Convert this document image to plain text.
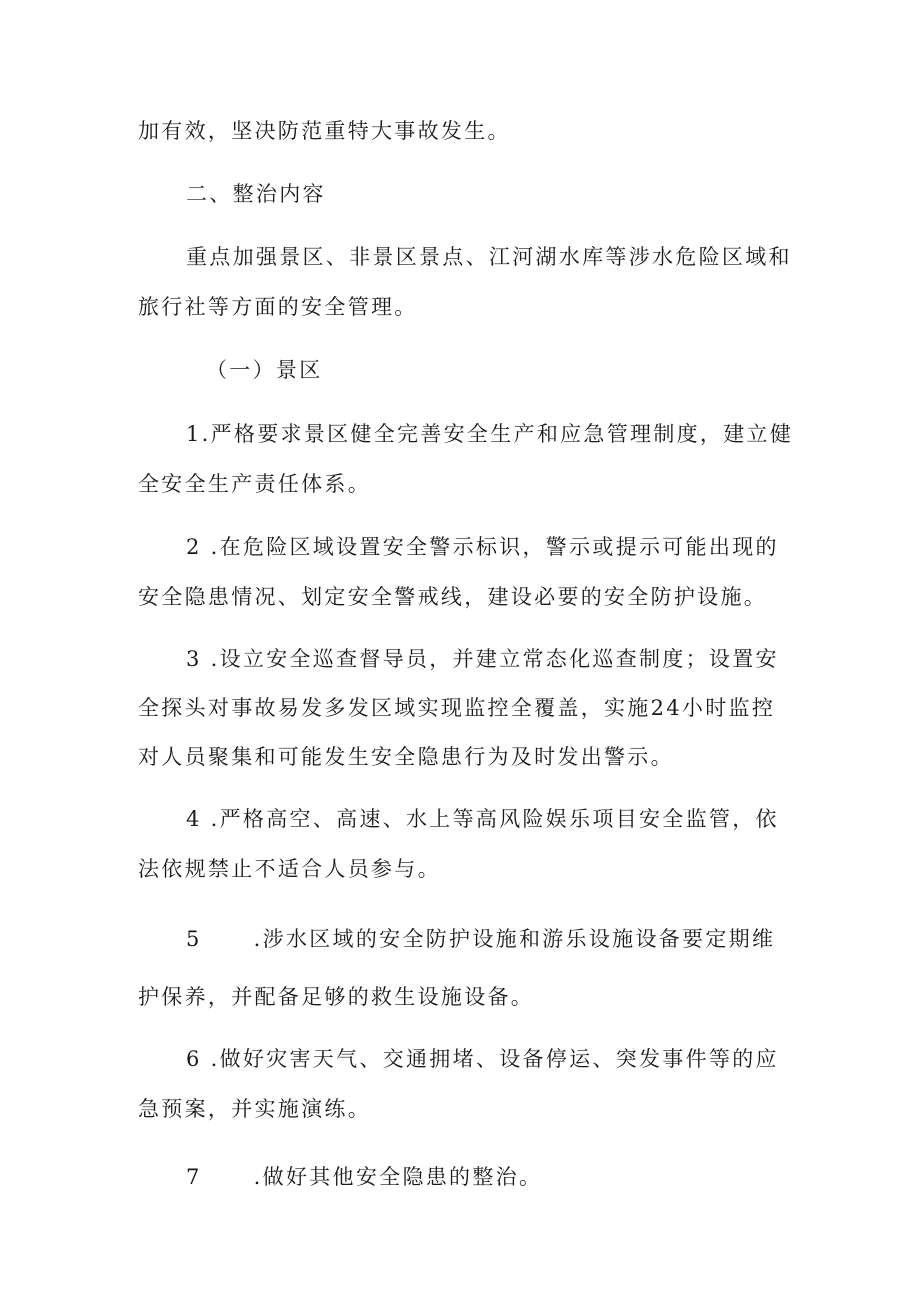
加有效，坚决防范重特大事故发生。
二、整治内容
重点加强景区、非景区景点、江河湖水库等涉水危险区域和
旅行社等方面的安全管理。
（一）景区
1.严格要求景区健全完善安全生产和应急管理制度，建立健
全安全生产责任体系。
2 .在危险区域设置安全警示标识，警示或提示可能出现的
安全隐患情况、划定安全警戒线，建设必要的安全防护设施。
3 .设立安全巡查督导员，并建立常态化巡查制度；设置安
全探头对事故易发多发区域实现监控全覆盖，实施24小时监控
对人员聚集和可能发生安全隐患行为及时发出警示。
4 .严格高空、高速、水上等高风险娱乐项目安全监管，依
法依规禁止不适合人员参与。
5 .涉水区域的安全防护设施和游乐设施设备要定期维
护保养，并配备足够的救生设施设备。
6 .做好灾害天气、交通拥堵、设备停运、突发事件等的应
急预案，并实施演练。
7 .做好其他安全隐患的整治。
